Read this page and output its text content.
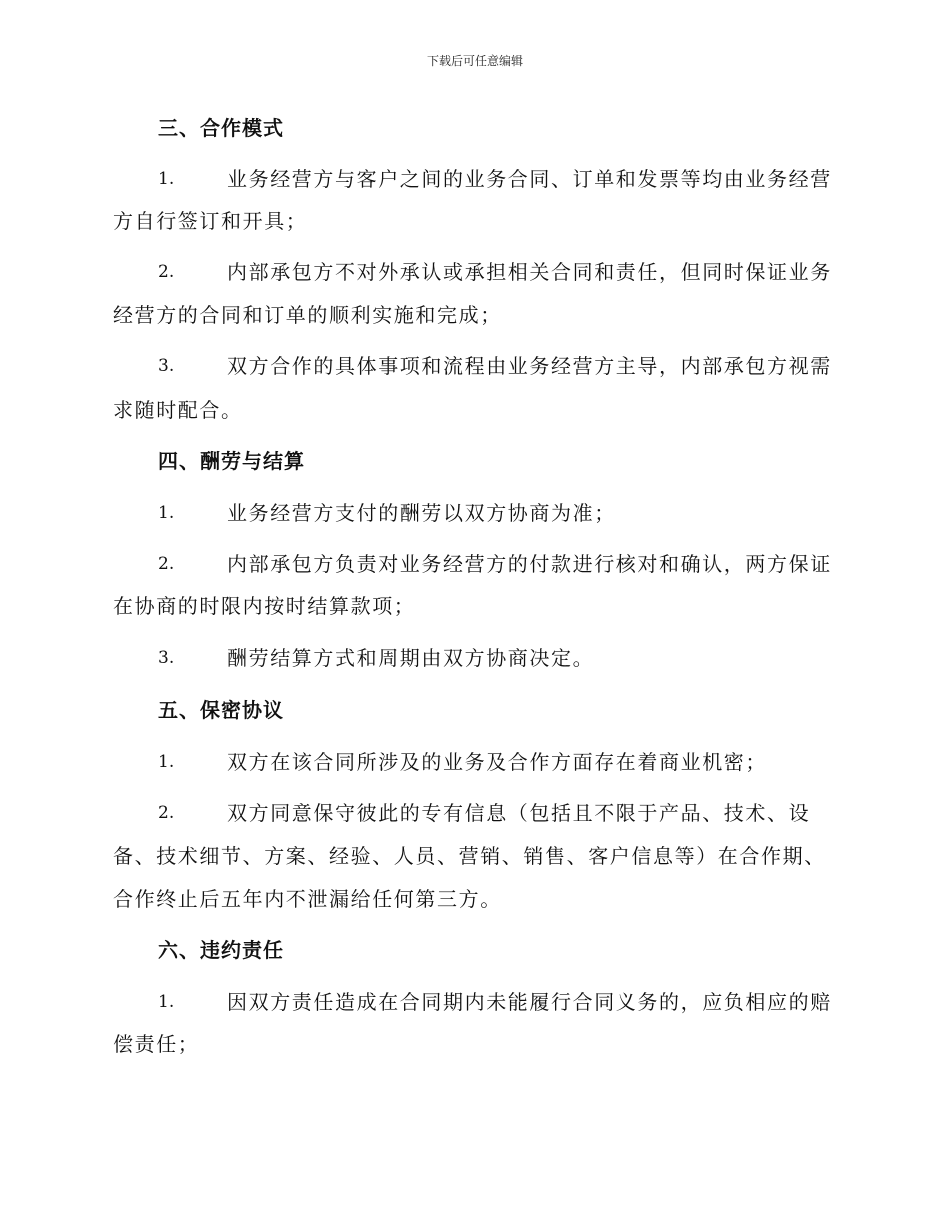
下载后可任意编辑
三、合作模式
1.	业务经营方与客户之间的业务合同、订单和发票等均由业务经营
方自行签订和开具；
2.	内部承包方不对外承认或承担相关合同和责任，但同时保证业务
经营方的合同和订单的顺利实施和完成；
3.	双方合作的具体事项和流程由业务经营方主导，内部承包方视需
求随时配合。
四、酬劳与结算
1.	业务经营方支付的酬劳以双方协商为准；
2.	内部承包方负责对业务经营方的付款进行核对和确认，两方保证
在协商的时限内按时结算款项；
3.	酬劳结算方式和周期由双方协商决定。
五、保密协议
1.	双方在该合同所涉及的业务及合作方面存在着商业机密；
2.	双方同意保守彼此的专有信息（包括且不限于产品、技术、设
备、技术细节、方案、经验、人员、营销、销售、客户信息等）在合作期、
合作终止后五年内不泄漏给任何第三方。
六、违约责任
1.	因双方责任造成在合同期内未能履行合同义务的，应负相应的赔
偿责任；
